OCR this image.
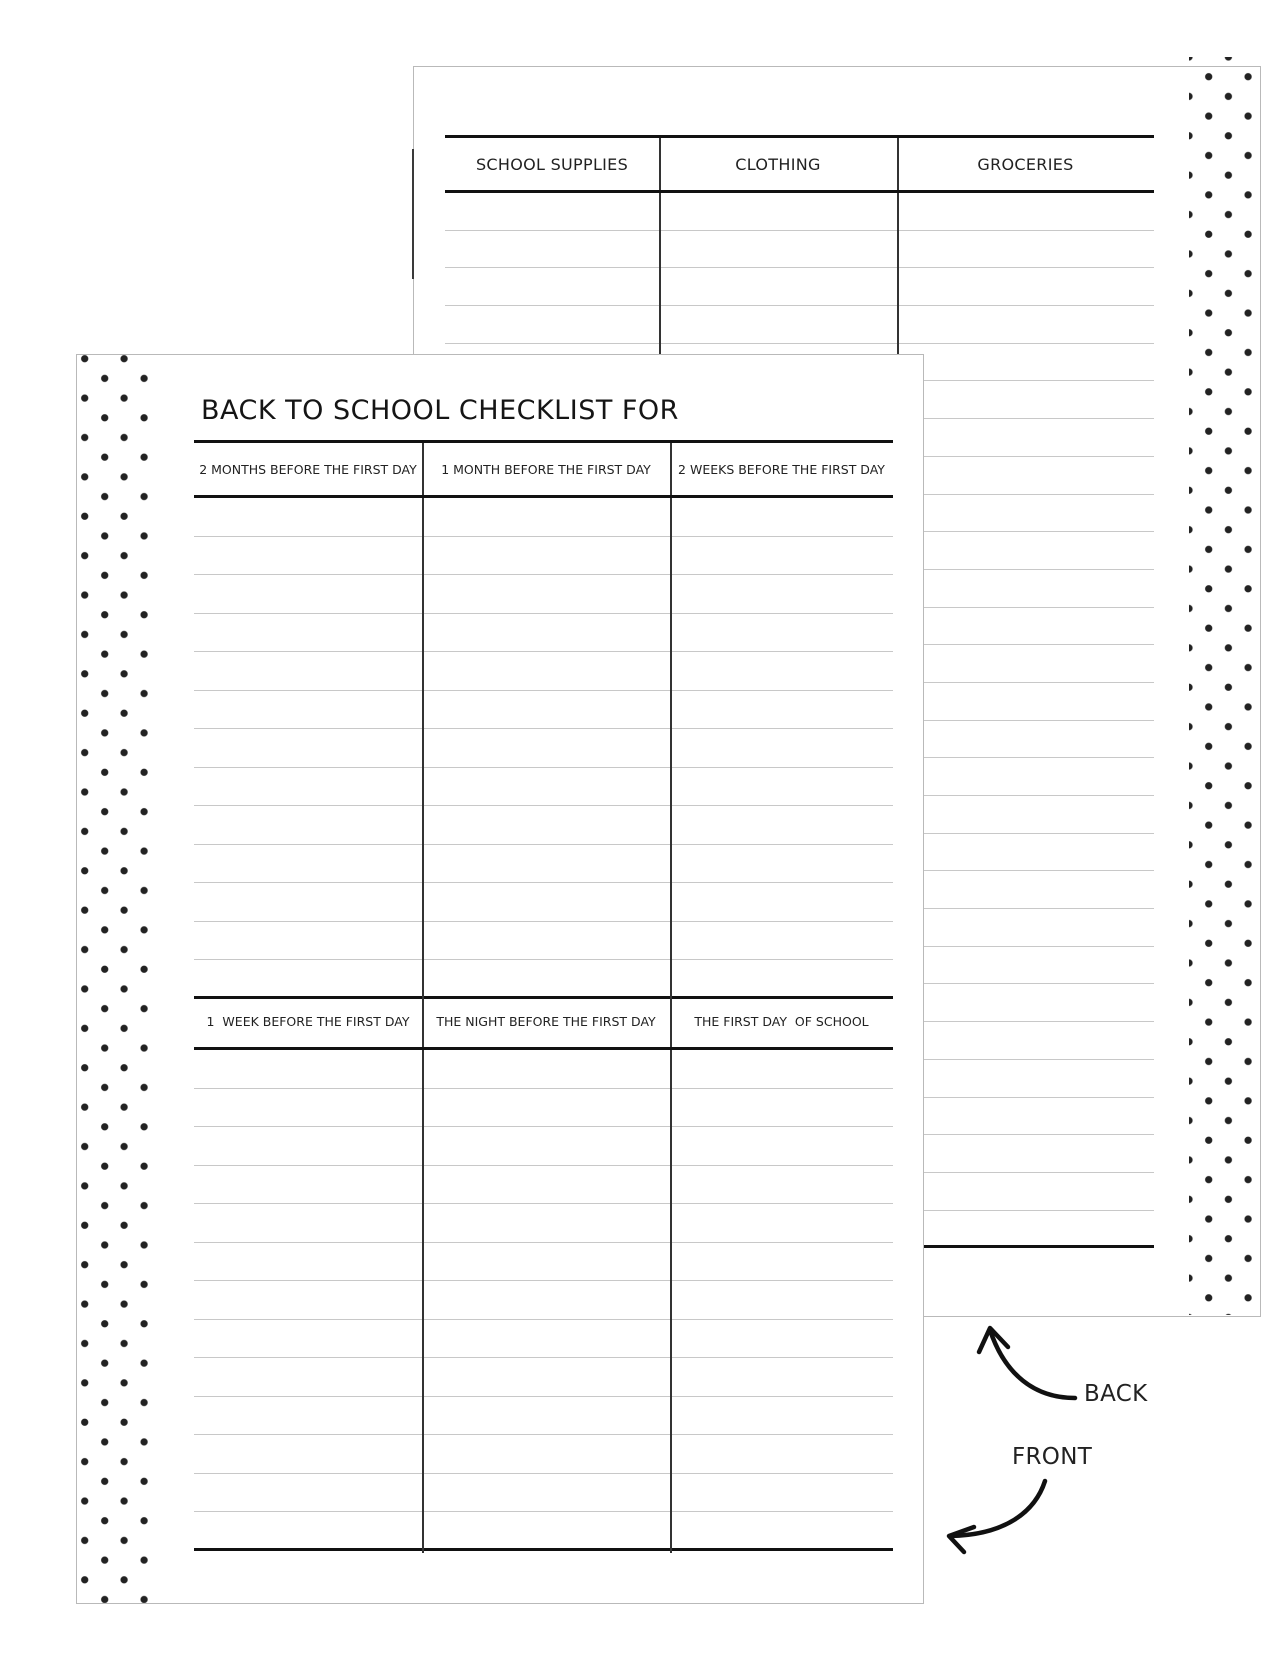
SCHOOL SUPPLIES	CLOTHING	GROCERIES
BACK TO SCHOOL CHECKLIST FOR
2 MONTHS BEFORE THE FIRST DAY	1 MONTH BEFORE THE FIRST DAY	2 WEEKS BEFORE THE FIRST DAY
1  WEEK BEFORE THE FIRST DAY	THE NIGHT BEFORE THE FIRST DAY	THE FIRST DAY  OF SCHOOL
BACK
FRONT
